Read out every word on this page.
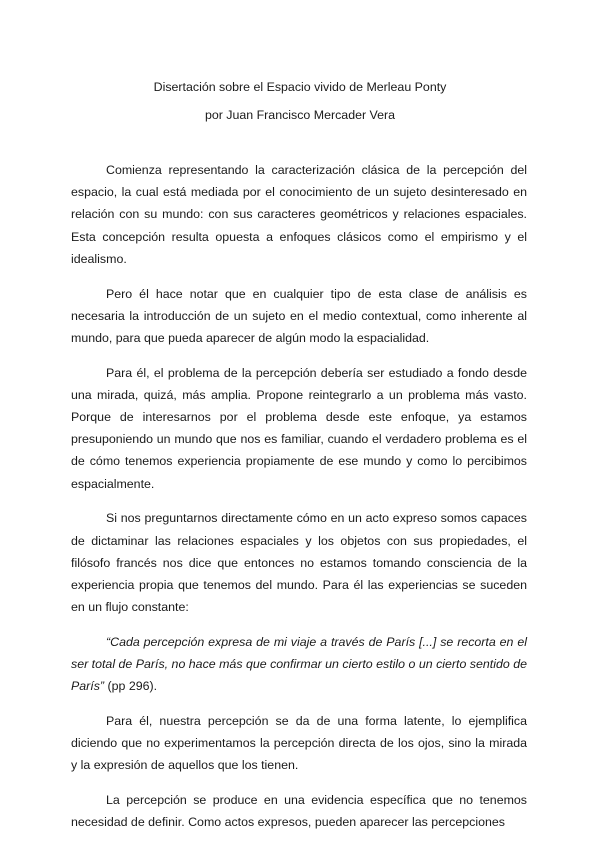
Disertación sobre el Espacio vivido de Merleau Ponty
por Juan Francisco Mercader Vera

Comienza representando la caracterización clásica de la percepción del espacio, la cual está mediada por el conocimiento de un sujeto desinteresado en relación con su mundo: con sus caracteres geométricos y relaciones espaciales. Esta concepción resulta opuesta a enfoques clásicos como el empirismo y el idealismo.

Pero él hace notar que en cualquier tipo de esta clase de análisis es necesaria la introducción de un sujeto en el medio contextual, como inherente al mundo, para que pueda aparecer de algún modo la espacialidad.

Para él, el problema de la percepción debería ser estudiado a fondo desde una mirada, quizá, más amplia. Propone reintegrarlo a un problema más vasto. Porque de interesarnos por el problema desde este enfoque, ya estamos presuponiendo un mundo que nos es familiar, cuando el verdadero problema es el de cómo tenemos experiencia propiamente de ese mundo y como lo percibimos espacialmente.

Si nos preguntarnos directamente cómo en un acto expreso somos capaces de dictaminar las relaciones espaciales y los objetos con sus propiedades, el filósofo francés nos dice que entonces no estamos tomando consciencia de la experiencia propia que tenemos del mundo. Para él las experiencias se suceden en un flujo constante:

“Cada percepción expresa de mi viaje a través de París [...] se recorta en el ser total de París, no hace más que confirmar un cierto estilo o un cierto sentido de París” (pp 296).

Para él, nuestra percepción se da de una forma latente, lo ejemplifica diciendo que no experimentamos la percepción directa de los ojos, sino la mirada y la expresión de aquellos que los tienen.

La percepción se produce en una evidencia específica que no tenemos necesidad de definir. Como actos expresos, pueden aparecer las percepciones
